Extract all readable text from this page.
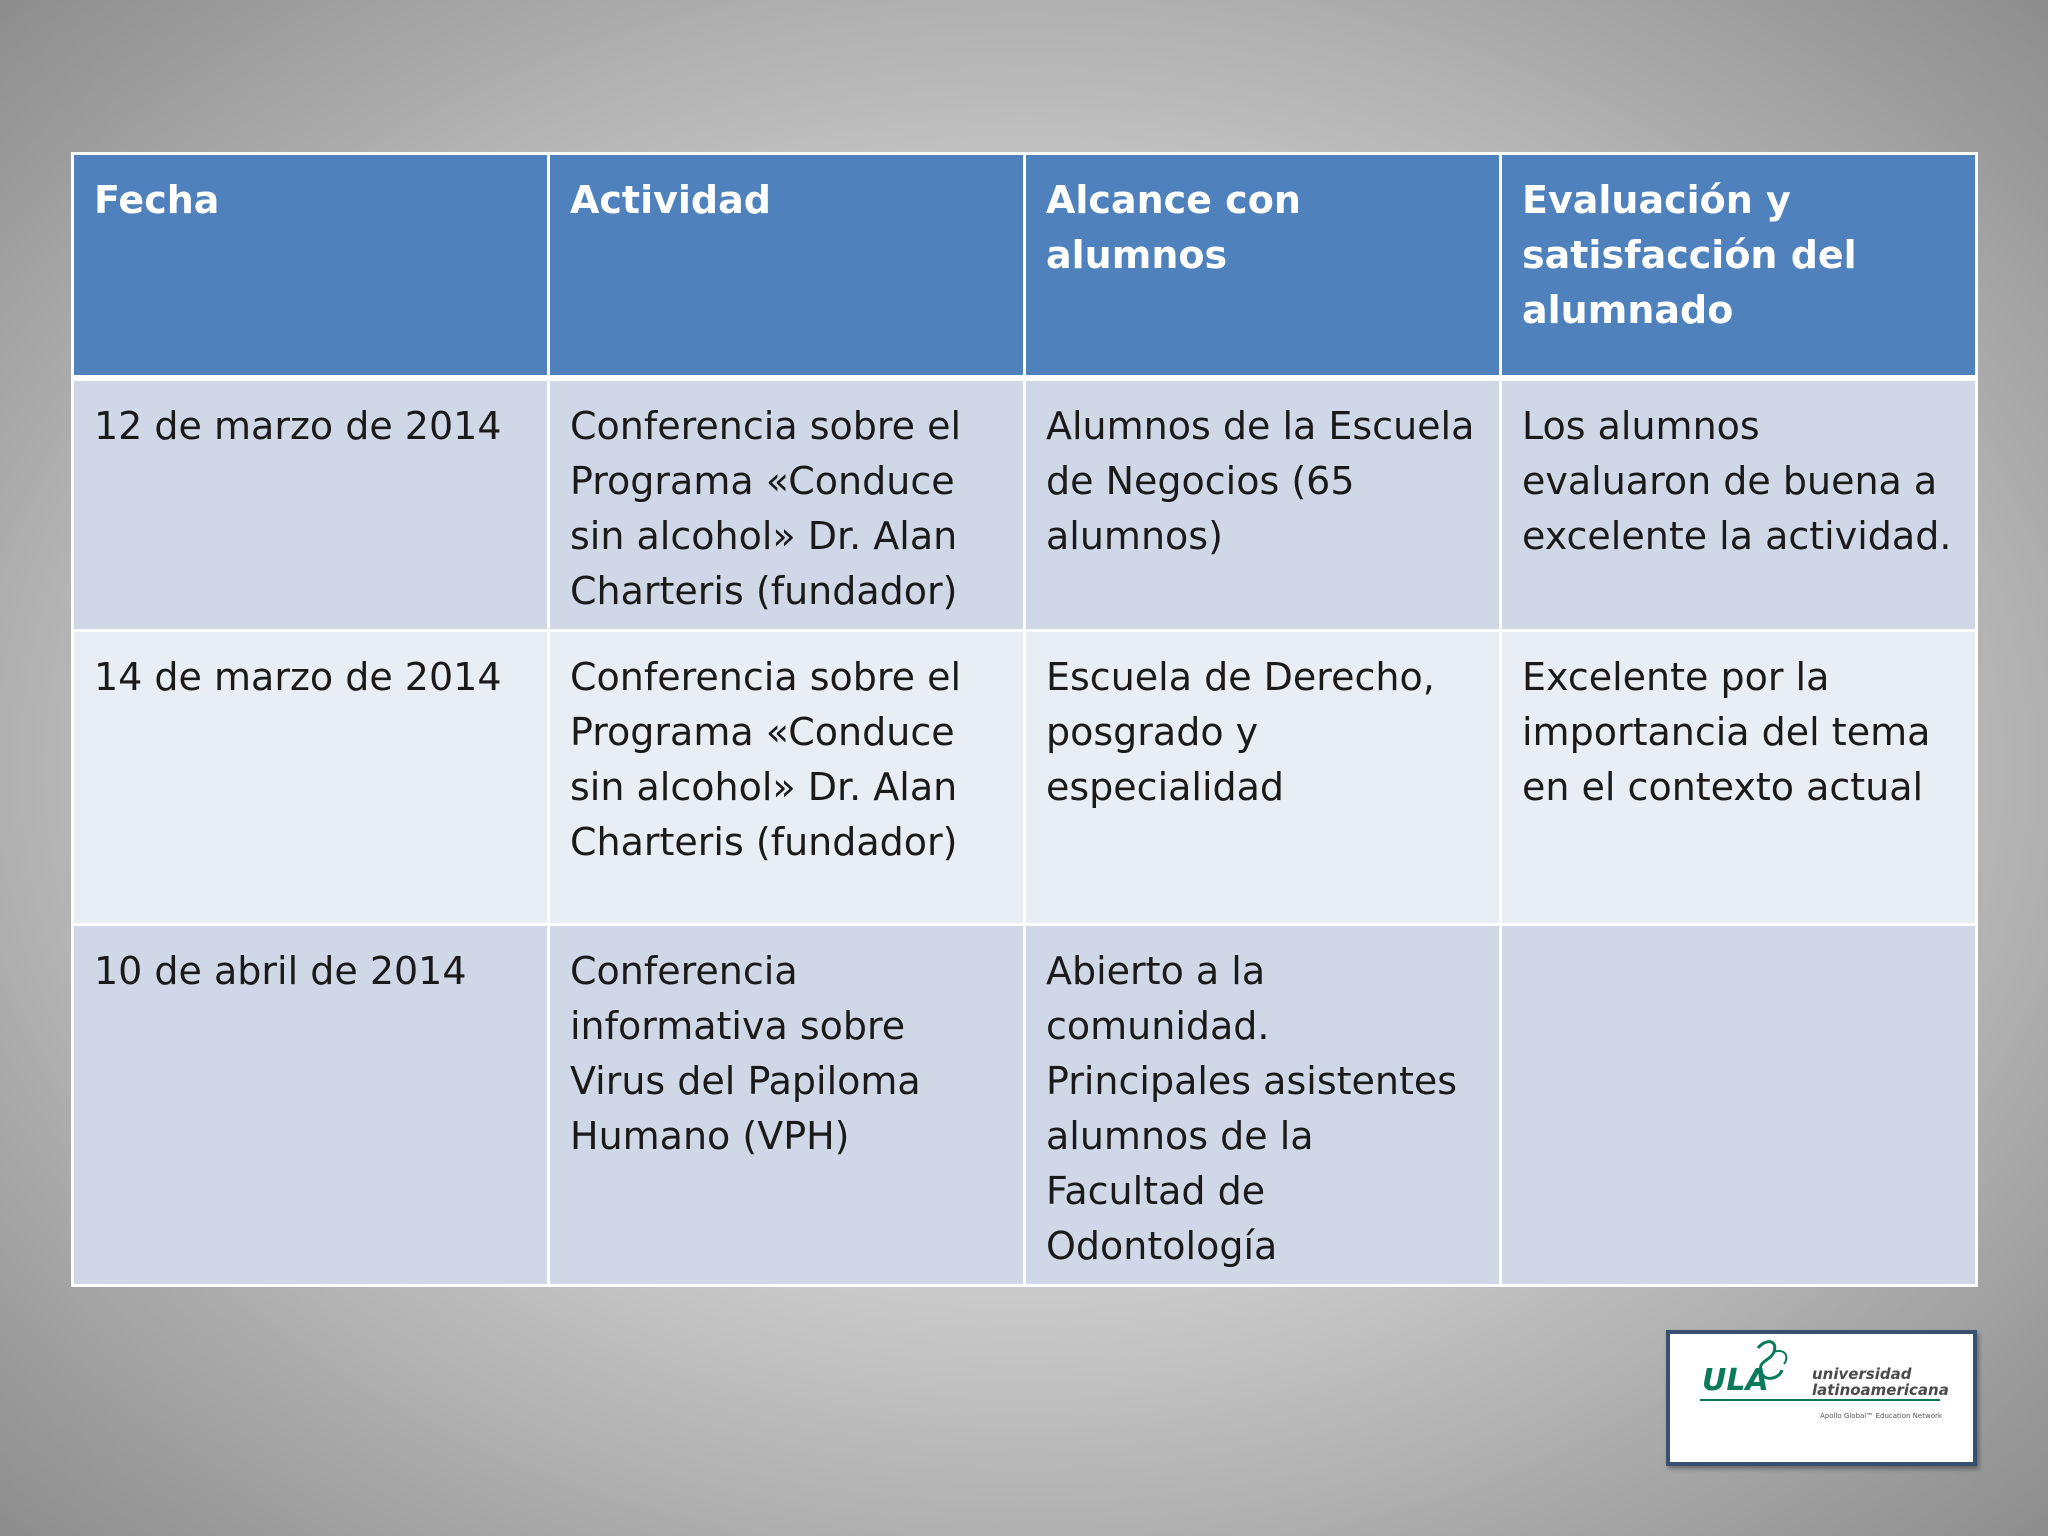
Fecha	Actividad	Alcance con alumnos	Evaluación y satisfacción del alumnado
12 de marzo de 2014	Conferencia sobre el Programa «Conduce sin alcohol» Dr. Alan Charteris (fundador)	Alumnos de la Escuela de Negocios (65 alumnos)	Los alumnos evaluaron de buena a excelente la actividad.
14 de marzo de 2014	Conferencia sobre el Programa «Conduce sin alcohol» Dr. Alan Charteris (fundador)	Escuela de Derecho, posgrado y especialidad	Excelente por la importancia del tema en el contexto actual
10 de abril de 2014	Conferencia informativa sobre Virus del Papiloma Humano (VPH)	Abierto a la comunidad. Principales asistentes alumnos de la Facultad de Odontología	
ULA	universidad
latinoamericana
Apollo Global℠ Education Network
